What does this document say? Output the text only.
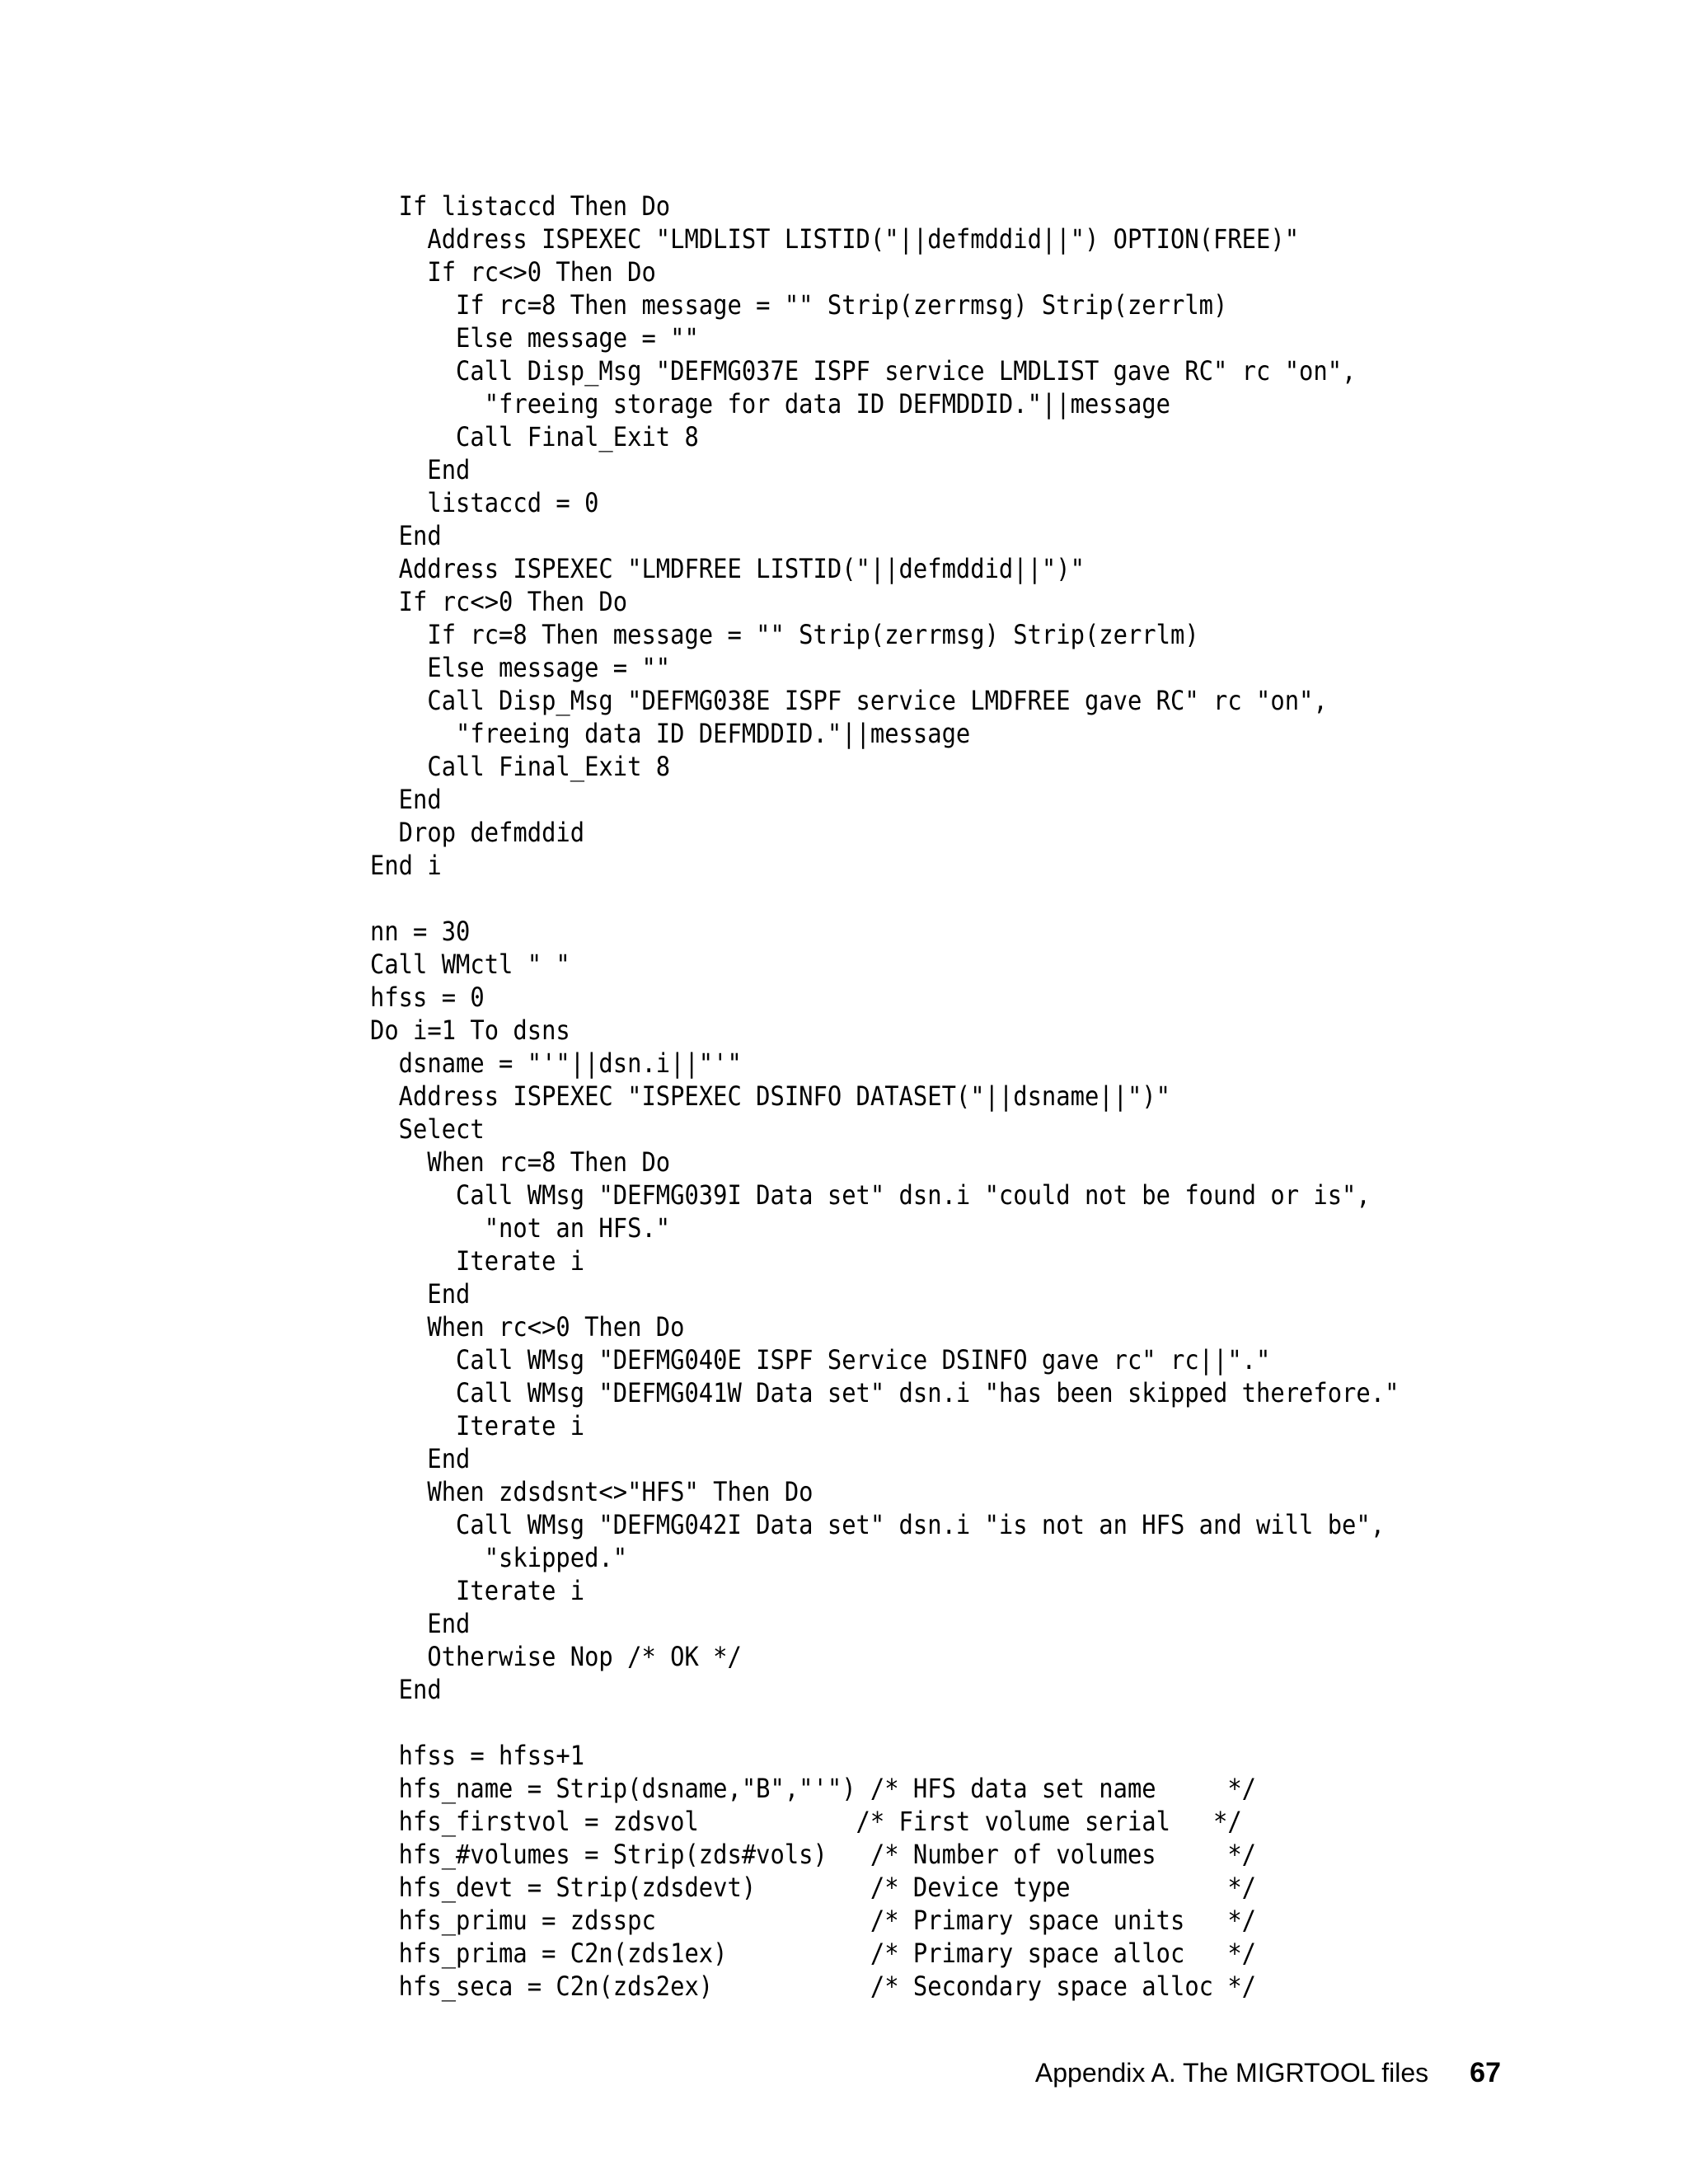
If listaccd Then Do
Address ISPEXEC "LMDLIST LISTID("||defmddid||") OPTION(FREE)"
If rc<>0 Then Do
If rc=8 Then message = "" Strip(zerrmsg) Strip(zerrlm)
Else message = ""
Call Disp_Msg "DEFMG037E ISPF service LMDLIST gave RC" rc "on",
"freeing storage for data ID DEFMDDID."||message
Call Final_Exit 8
End
listaccd = 0
End
Address ISPEXEC "LMDFREE LISTID("||defmddid||")"
If rc<>0 Then Do
If rc=8 Then message = "" Strip(zerrmsg) Strip(zerrlm)
Else message = ""
Call Disp_Msg "DEFMG038E ISPF service LMDFREE gave RC" rc "on",
"freeing data ID DEFMDDID."||message
Call Final_Exit 8
End
Drop defmddid
End i
nn = 30
Call WMctl " "
hfss = 0
Do i=1 To dsns
dsname = "'"||dsn.i||"'"
Address ISPEXEC "ISPEXEC DSINFO DATASET("||dsname||")"
Select
When rc=8 Then Do
Call WMsg "DEFMG039I Data set" dsn.i "could not be found or is",
"not an HFS."
Iterate i
End
When rc<>0 Then Do
Call WMsg "DEFMG040E ISPF Service DSINFO gave rc" rc||"."
Call WMsg "DEFMG041W Data set" dsn.i "has been skipped therefore."
Iterate i
End
When zdsdsnt<>"HFS" Then Do
Call WMsg "DEFMG042I Data set" dsn.i "is not an HFS and will be",
"skipped."
Iterate i
End
Otherwise Nop /* OK */
End
hfss = hfss+1
hfs_name = Strip(dsname,"B","'") /* HFS data set name     */
hfs_firstvol = zdsvol           /* First volume serial   */
hfs_#volumes = Strip(zds#vols)   /* Number of volumes     */
hfs_devt = Strip(zdsdevt)        /* Device type           */
hfs_primu = zdsspc               /* Primary space units   */
hfs_prima = C2n(zds1ex)          /* Primary space alloc   */
hfs_seca = C2n(zds2ex)           /* Secondary space alloc */
Appendix A. The MIGRTOOL files 67
